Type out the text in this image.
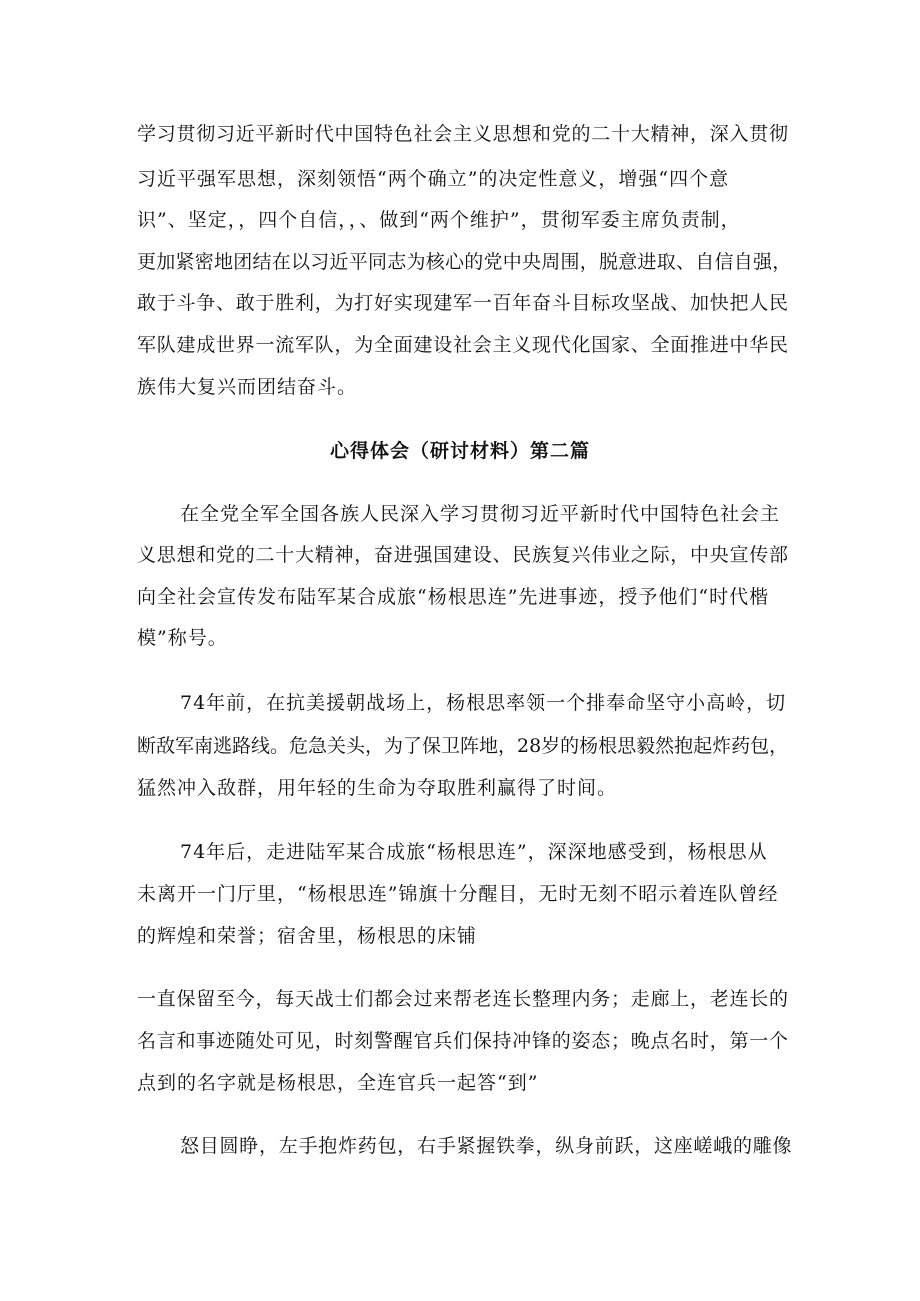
学习贯彻习近平新时代中国特色社会主义思想和党的二十大精神，深入贯彻
习近平强军思想，深刻领悟“两个确立”的决定性意义，增强“四个意
识”、坚定，，四个自信，，、做到“两个维护”，贯彻军委主席负责制，
更加紧密地团结在以习近平同志为核心的党中央周围，脱意进取、自信自强，
敢于斗争、敢于胜利，为打好实现建军一百年奋斗目标攻坚战、加快把人民
军队建成世界一流军队，为全面建设社会主义现代化国家、全面推进中华民
族伟大复兴而团结奋斗。
心得体会（研讨材料）第二篇
在全党全军全国各族人民深入学习贯彻习近平新时代中国特色社会主
义思想和党的二十大精神，奋进强国建设、民族复兴伟业之际，中央宣传部
向全社会宣传发布陆军某合成旅“杨根思连”先进事迹，授予他们“时代楷
模”称号。
74年前，在抗美援朝战场上，杨根思率领一个排奉命坚守小高岭，切
断敌军南逃路线。危急关头，为了保卫阵地，28岁的杨根思毅然抱起炸药包，
猛然冲入敌群，用年轻的生命为夺取胜利赢得了时间。
74年后，走进陆军某合成旅“杨根思连”，深深地感受到，杨根思从
未离开一门厅里，“杨根思连”锦旗十分醒目，无时无刻不昭示着连队曾经
的辉煌和荣誉；宿舍里，杨根思的床铺
一直保留至今，每天战士们都会过来帮老连长整理内务；走廊上，老连长的
名言和事迹随处可见，时刻警醒官兵们保持冲锋的姿态；晚点名时，第一个
点到的名字就是杨根思，全连官兵一起答“到”
怒目圆睁，左手抱炸药包，右手紧握铁拳，纵身前跃，这座嵯峨的雕像
